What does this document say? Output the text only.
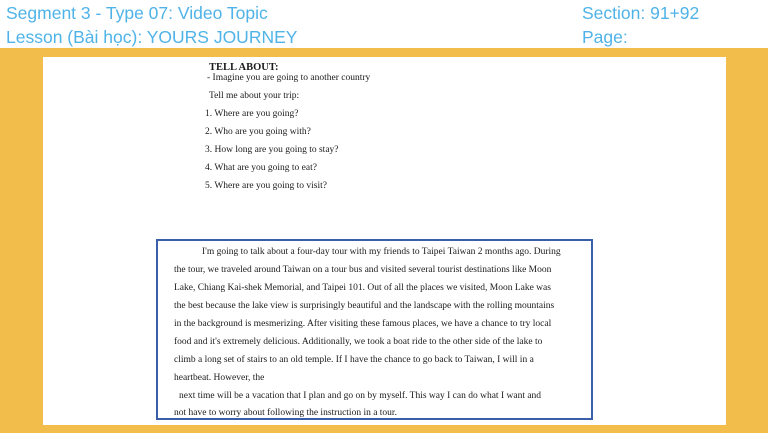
Segment 3 - Type 07: Video Topic
Lesson (Bài học): YOURS JOURNEY
Section: 91+92
Page:
TELL ABOUT:
- Imagine you are going to another country
Tell me about your trip:
1. Where are you going?
2. Who are you going with?
3. How long are you going to stay?
4. What are you going to eat?
5. Where are you going to visit?
I'm going to talk about a four-day tour with my friends to Taipei Taiwan 2 months ago. During
the tour, we traveled around Taiwan on a tour bus and visited several tourist destinations like Moon
Lake, Chiang Kai-shek Memorial, and Taipei 101. Out of all the places we visited, Moon Lake was
the best because the lake view is surprisingly beautiful and the landscape with the rolling mountains
in the background is mesmerizing. After visiting these famous places, we have a chance to try local
food and it's extremely delicious. Additionally, we took a boat ride to the other side of the lake to
climb a long set of stairs to an old temple. If I have the chance to go back to Taiwan, I will in a
heartbeat. However, the
next time will be a vacation that I plan and go on by myself. This way I can do what I want and
not have to worry about following the instruction in a tour.
